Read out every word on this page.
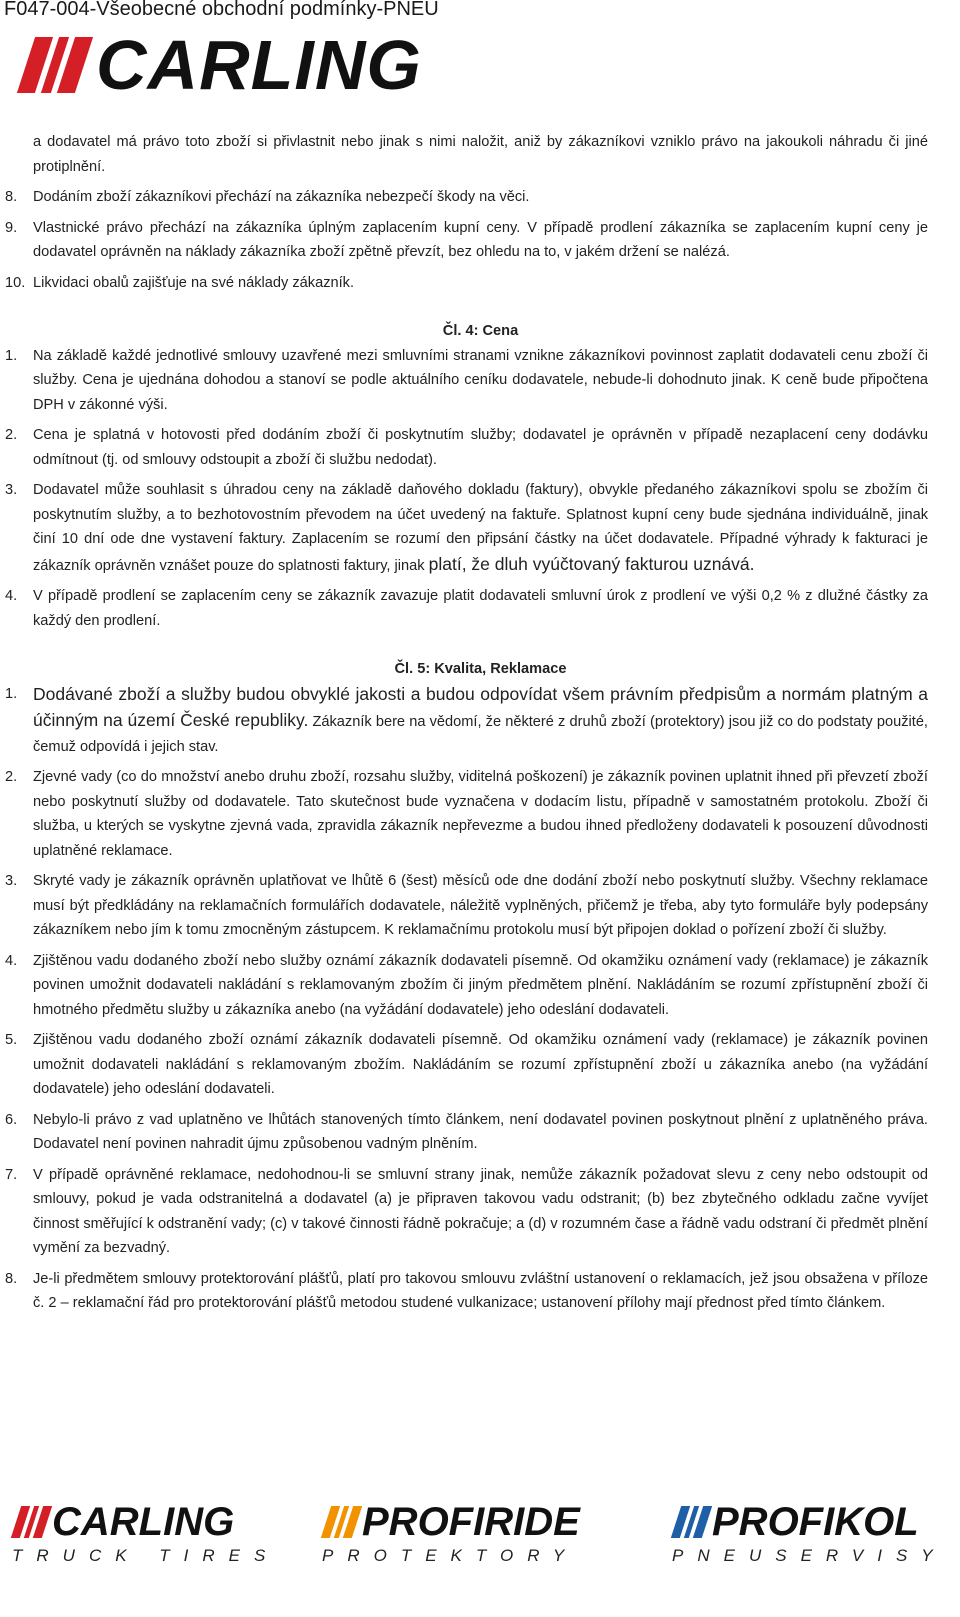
F047-004-Všeobecné obchodní podmínky-PNEU
CARLING

a dodavatel má právo toto zboží si přivlastnit nebo jinak s nimi naložit, aniž by zákazníkovi vzniklo právo na jakoukoli náhradu či jiné protiplnění.

8. Dodáním zboží zákazníkovi přechází na zákazníka nebezpečí škody na věci.
9. Vlastnické právo přechází na zákazníka úplným zaplacením kupní ceny. V případě prodlení zákazníka se zaplacením kupní ceny je dodavatel oprávněn na náklady zákazníka zboží zpětně převzít, bez ohledu na to, v jakém držení se nalézá.
10. Likvidaci obalů zajišťuje na své náklady zákazník.

Čl. 4: Cena

1. Na základě každé jednotlivé smlouvy uzavřené mezi smluvními stranami vznikne zákazníkovi povinnost zaplatit dodavateli cenu zboží či služby. Cena je ujednána dohodou a stanoví se podle aktuálního ceníku dodavatele, nebude-li dohodnuto jinak. K ceně bude připočtena DPH v zákonné výši.
2. Cena je splatná v hotovosti před dodáním zboží či poskytnutím služby; dodavatel je oprávněn v případě nezaplacení ceny dodávku odmítnout (tj. od smlouvy odstoupit a zboží či službu nedodat).
3. Dodavatel může souhlasit s úhradou ceny na základě daňového dokladu (faktury), obvykle předaného zákazníkovi spolu se zbožím či poskytnutím služby, a to bezhotovostním převodem na účet uvedený na faktuře. Splatnost kupní ceny bude sjednána individuálně, jinak činí 10 dní ode dne vystavení faktury. Zaplacením se rozumí den připsání částky na účet dodavatele. Případné výhrady k fakturaci je zákazník oprávněn vznášet pouze do splatnosti faktury, jinak platí, že dluh vyúčtovaný fakturou uznává.
4. V případě prodlení se zaplacením ceny se zákazník zavazuje platit dodavateli smluvní úrok z prodlení ve výši 0,2 % z dlužné částky za každý den prodlení.

Čl. 5: Kvalita, Reklamace

1. Dodávané zboží a služby budou obvyklé jakosti a budou odpovídat všem právním předpisům a normám platným a účinným na území České republiky. Zákazník bere na vědomí, že některé z druhů zboží (protektory) jsou již co do podstaty použité, čemuž odpovídá i jejich stav.
2. Zjevné vady (co do množství anebo druhu zboží, rozsahu služby, viditelná poškození) je zákazník povinen uplatnit ihned při převzetí zboží nebo poskytnutí služby od dodavatele. Tato skutečnost bude vyznačena v dodacím listu, případně v samostatném protokolu. Zboží či služba, u kterých se vyskytne zjevná vada, zpravidla zákazník nepřevezme a budou ihned předloženy dodavateli k posouzení důvodnosti uplatněné reklamace.
3. Skryté vady je zákazník oprávněn uplatňovat ve lhůtě 6 (šest) měsíců ode dne dodání zboží nebo poskytnutí služby. Všechny reklamace musí být předkládány na reklamačních formulářích dodavatele, náležitě vyplněných, přičemž je třeba, aby tyto formuláře byly podepsány zákazníkem nebo jím k tomu zmocněným zástupcem. K reklamačnímu protokolu musí být připojen doklad o pořízení zboží či služby.
4. Zjištěnou vadu dodaného zboží nebo služby oznámí zákazník dodavateli písemně. Od okamžiku oznámení vady (reklamace) je zákazník povinen umožnit dodavateli nakládání s reklamovaným zbožím či jiným předmětem plnění. Nakládáním se rozumí zpřístupnění zboží či hmotného předmětu služby u zákazníka anebo (na vyžádání dodavatele) jeho odeslání dodavateli.
5. Zjištěnou vadu dodaného zboží oznámí zákazník dodavateli písemně. Od okamžiku oznámení vady (reklamace) je zákazník povinen umožnit dodavateli nakládání s reklamovaným zbožím. Nakládáním se rozumí zpřístupnění zboží u zákazníka anebo (na vyžádání dodavatele) jeho odeslání dodavateli.
6. Nebylo-li právo z vad uplatněno ve lhůtách stanovených tímto článkem, není dodavatel povinen poskytnout plnění z uplatněného práva. Dodavatel není povinen nahradit újmu způsobenou vadným plněním.
7. V případě oprávněné reklamace, nedohodnou-li se smluvní strany jinak, nemůže zákazník požadovat slevu z ceny nebo odstoupit od smlouvy, pokud je vada odstranitelná a dodavatel (a) je připraven takovou vadu odstranit; (b) bez zbytečného odkladu začne vyvíjet činnost směřující k odstranění vady; (c) v takové činnosti řádně pokračuje; a (d) v rozumném čase a řádně vadu odstraní či předmět plnění vymění za bezvadný.
8. Je-li předmětem smlouvy protektorování plášťů, platí pro takovou smlouvu zvláštní ustanovení o reklamacích, jež jsou obsažena v příloze č. 2 – reklamační řád pro protektorování plášťů metodou studené vulkanizace; ustanovení přílohy mají přednost před tímto článkem.
CARLING
TRUCK TIRES
PROFIRIDE
PROTEKTORY
PROFIKOL
PNEUSERVISY
